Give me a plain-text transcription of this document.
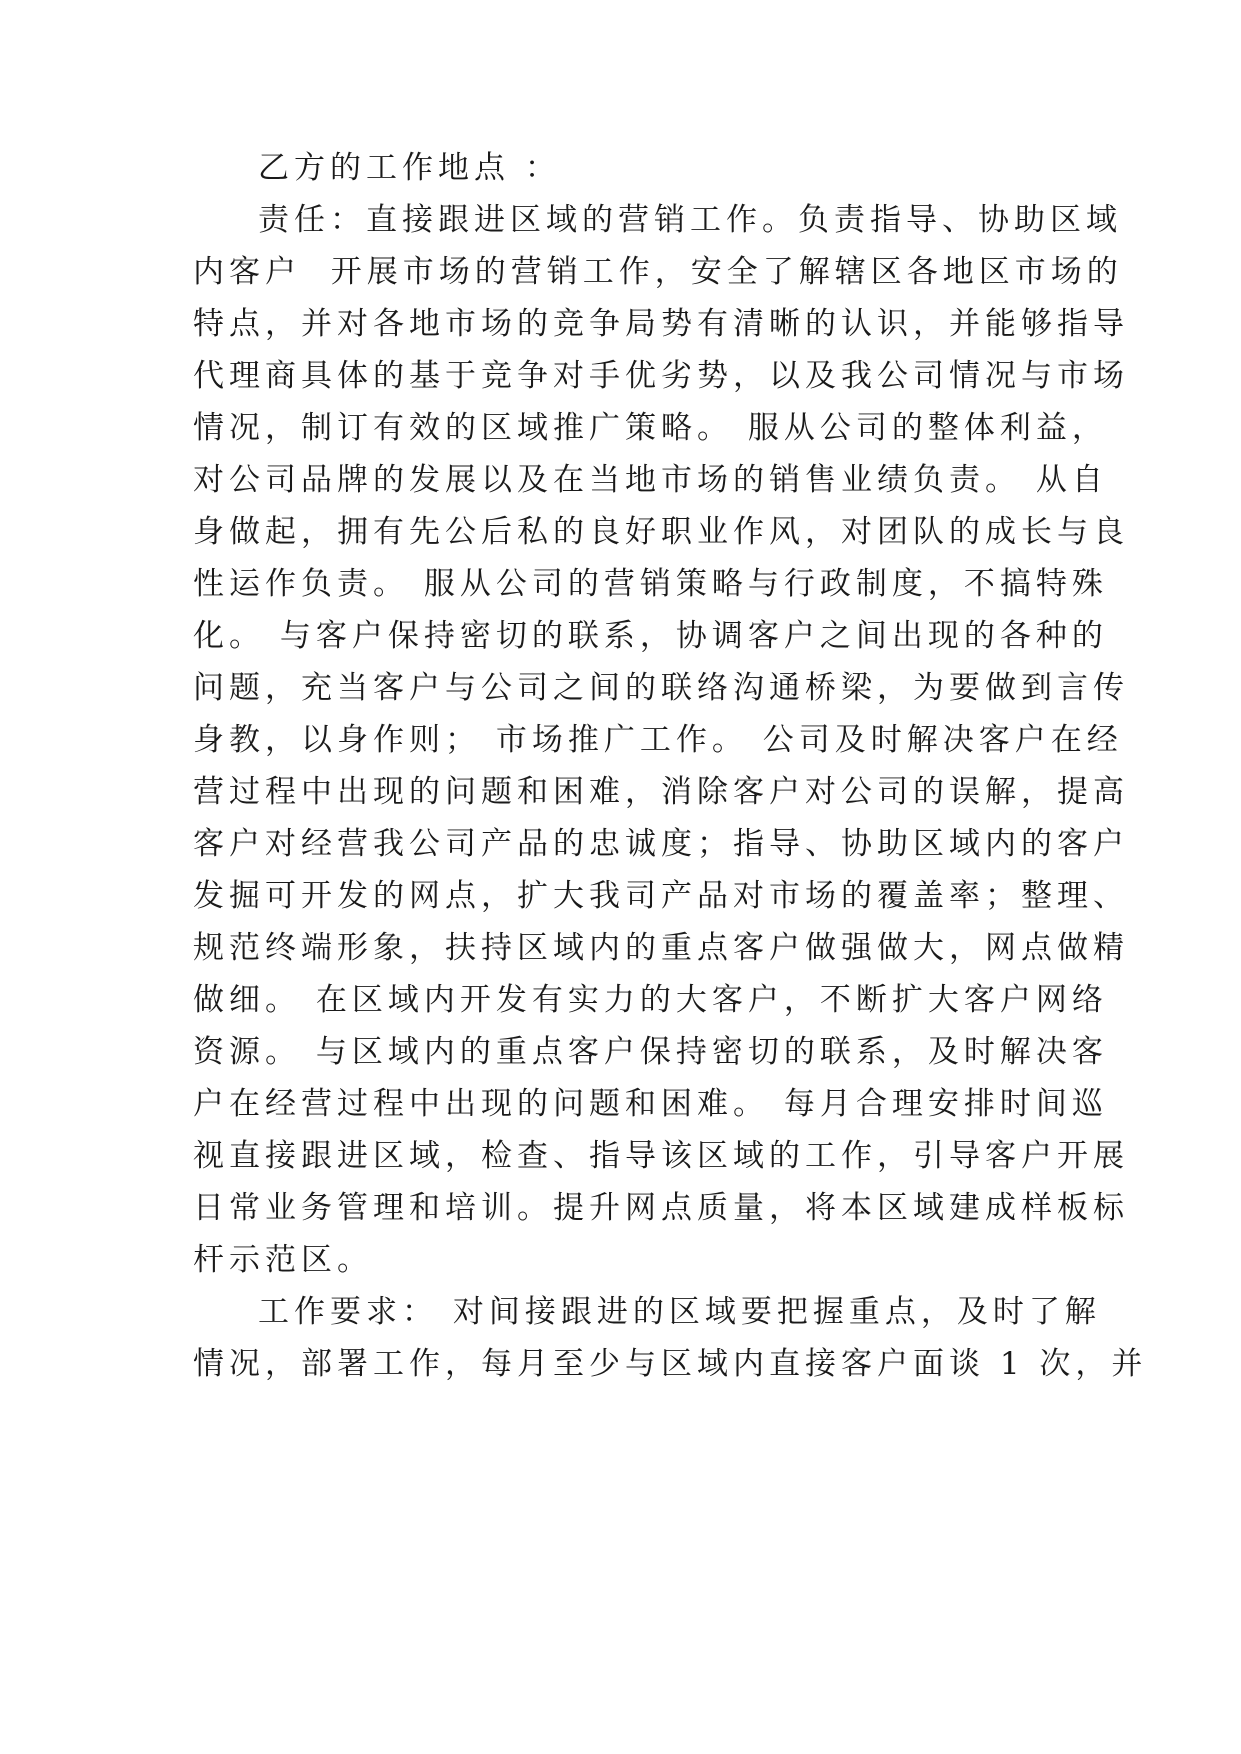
乙方的工作地点 ：
责任：直接跟进区域的营销工作。负责指导、协助区域
内客户  开展市场的营销工作，安全了解辖区各地区市场的
特点，并对各地市场的竞争局势有清晰的认识，并能够指导
代理商具体的基于竞争对手优劣势，以及我公司情况与市场
情况，制订有效的区域推广策略。 服从公司的整体利益，
对公司品牌的发展以及在当地市场的销售业绩负责。 从自
身做起，拥有先公后私的良好职业作风，对团队的成长与良
性运作负责。 服从公司的营销策略与行政制度，不搞特殊
化。 与客户保持密切的联系，协调客户之间出现的各种的
问题，充当客户与公司之间的联络沟通桥梁，为要做到言传
身教，以身作则； 市场推广工作。 公司及时解决客户在经
营过程中出现的问题和困难，消除客户对公司的误解，提高
客户对经营我公司产品的忠诚度；指导、协助区域内的客户
发掘可开发的网点，扩大我司产品对市场的覆盖率；整理、
规范终端形象，扶持区域内的重点客户做强做大，网点做精
做细。 在区域内开发有实力的大客户，不断扩大客户网络
资源。 与区域内的重点客户保持密切的联系，及时解决客
户在经营过程中出现的问题和困难。 每月合理安排时间巡
视直接跟进区域，检查、指导该区域的工作，引导客户开展
日常业务管理和培训。提升网点质量，将本区域建成样板标
杆示范区。
工作要求： 对间接跟进的区域要把握重点，及时了解
情况，部署工作，每月至少与区域内直接客户面谈 1 次，并
